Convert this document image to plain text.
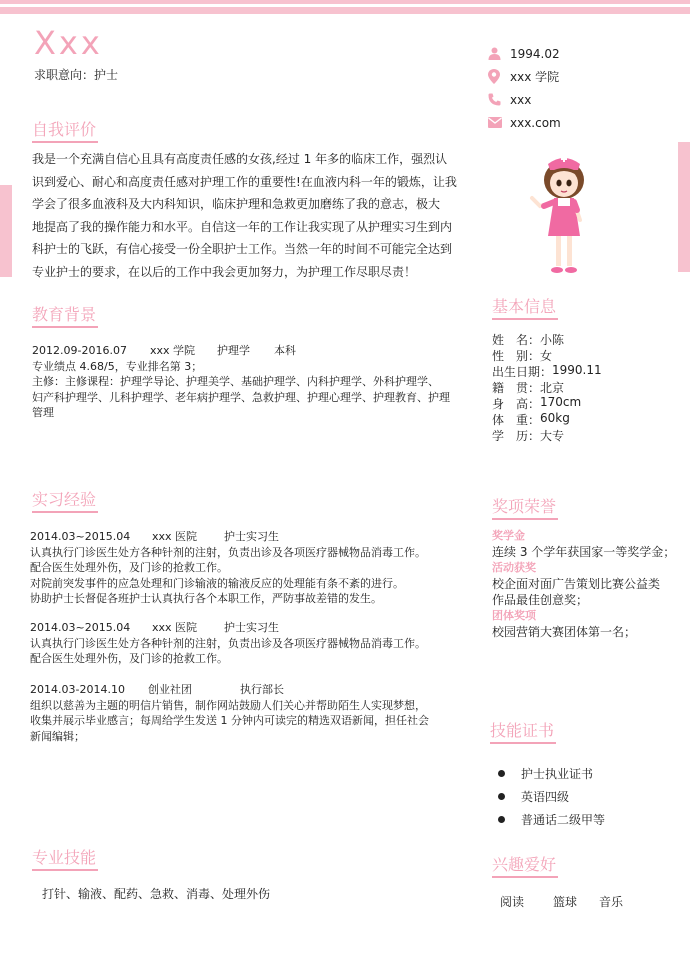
Xxx
求职意向：护士
1994.02
xxx 学院
xxx
xxx.com
自我评价
我是一个充满自信心且具有高度责任感的女孩,经过 1 年多的临床工作，强烈认
识到爱心、耐心和高度责任感对护理工作的重要性!在血液内科一年的锻炼，让我
学会了很多血液科及大内科知识，临床护理和急救更加磨练了我的意志，极大
地提高了我的操作能力和水平。自信这一年的工作让我实现了从护理实习生到内
科护士的飞跃，有信心接受一份全职护士工作。当然一年的时间不可能完全达到
专业护士的要求，在以后的工作中我会更加努力，为护理工作尽职尽责！
教育背景
2012.09-2016.07	xxx 学院	护理学	本科
专业绩点 4.68/5，专业排名第 3；
主修：主修课程：护理学导论、护理美学、基础护理学、内科护理学、外科护理学、
妇产科护理学、儿科护理学、老年病护理学、急救护理、护理心理学、护理教育、护理
管理
实习经验
2014.03~2015.04	xxx 医院	护士实习生
认真执行门诊医生处方各种针剂的注射，负责出诊及各项医疗器械物品消毒工作。
配合医生处理外伤，及门诊的抢救工作。
对院前突发事件的应急处理和门诊输液的输液反应的处理能有条不紊的进行。
协助护士长督促各班护士认真执行各个本职工作，严防事故差错的发生。
2014.03~2015.04	xxx 医院	护士实习生
认真执行门诊医生处方各种针剂的注射，负责出诊及各项医疗器械物品消毒工作。
配合医生处理外伤，及门诊的抢救工作。
2014.03-2014.10	创业社团	执行部长
组织以慈善为主题的明信片销售，制作网站鼓励人们关心并帮助陌生人实现梦想，
收集并展示毕业感言；每周给学生发送 1 分钟内可读完的精选双语新闻，担任社会
新闻编辑；
专业技能
打针、输液、配药、急救、消毒、处理外伤
基本信息
姓　名： 小陈
性　别： 女
出生日期： 1990.11
籍　贯： 北京
身　高： 170cm
体　重： 60kg
学　历： 大专
奖项荣誉
奖学金
连续 3 个学年获国家一等奖学金；
活动获奖
校企面对面广告策划比赛公益类
作品最佳创意奖；
团体奖项
校园营销大赛团体第一名；
技能证书
护士执业证书
英语四级
普通话二级甲等
兴趣爱好
阅读	篮球	音乐
